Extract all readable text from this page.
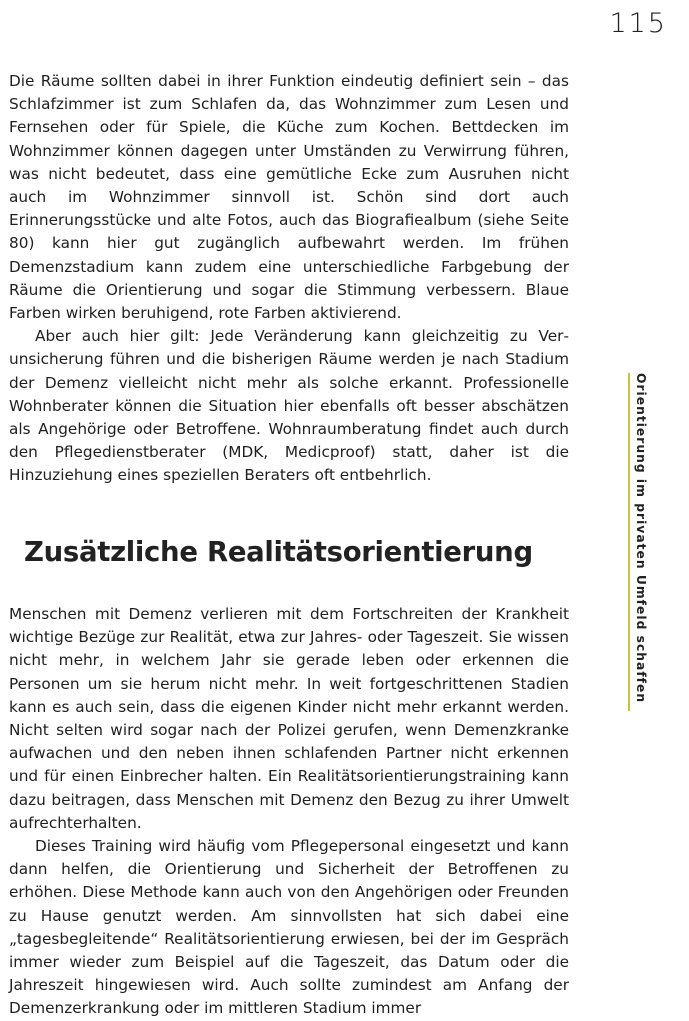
115

Die Räume sollten dabei in ihrer Funktion eindeutig definiert sein – das Schlafzimmer ist zum Schlafen da, das Wohnzimmer zum Lesen und Fernsehen oder für Spiele, die Küche zum Kochen. Bettdecken im Wohnzimmer können dagegen unter Umständen zu Verwirrung führen, was nicht bedeutet, dass eine gemütliche Ecke zum Ausruhen nicht auch im Wohnzimmer sinnvoll ist. Schön sind dort auch Erinnerungsstücke und alte Fotos, auch das Biografiealbum (siehe Seite 80) kann hier gut zugänglich aufbewahrt werden. Im frühen Demenzstadium kann zudem eine unterschiedliche Farbgebung der Räume die Orientierung und sogar die Stimmung verbessern. Blaue Farben wirken beruhigend, rote Farben aktivierend.

Aber auch hier gilt: Jede Veränderung kann gleichzeitig zu Verunsicherung führen und die bisherigen Räume werden je nach Stadium der Demenz vielleicht nicht mehr als solche erkannt. Professionelle Wohnberater können die Situation hier ebenfalls oft besser abschätzen als Angehörige oder Betroffene. Wohnraumberatung findet auch durch den Pflegedienstberater (MDK, Medicproof) statt, daher ist die Hinzuziehung eines speziellen Beraters oft entbehrlich.

Zusätzliche Realitätsorientierung

Menschen mit Demenz verlieren mit dem Fortschreiten der Krankheit wichtige Bezüge zur Realität, etwa zur Jahres- oder Tageszeit. Sie wissen nicht mehr, in welchem Jahr sie gerade leben oder erkennen die Personen um sie herum nicht mehr. In weit fortgeschrittenen Stadien kann es auch sein, dass die eigenen Kinder nicht mehr erkannt werden. Nicht selten wird sogar nach der Polizei gerufen, wenn Demenzkranke aufwachen und den neben ihnen schlafenden Partner nicht erkennen und für einen Einbrecher halten. Ein Realitätsorientierungstraining kann dazu beitragen, dass Menschen mit Demenz den Bezug zu ihrer Umwelt aufrechterhalten.

Dieses Training wird häufig vom Pflegepersonal eingesetzt und kann dann helfen, die Orientierung und Sicherheit der Betroffenen zu erhöhen. Diese Methode kann auch von den Angehörigen oder Freunden zu Hause genutzt werden. Am sinnvollsten hat sich dabei eine „tagesbegleitende“ Realitätsorientierung erwiesen, bei der im Gespräch immer wieder zum Beispiel auf die Tageszeit, das Datum oder die Jahreszeit hingewiesen wird. Auch sollte zumindest am Anfang der Demenzerkrankung oder im mittleren Stadium immer

Orientierung im privaten Umfeld schaffen
